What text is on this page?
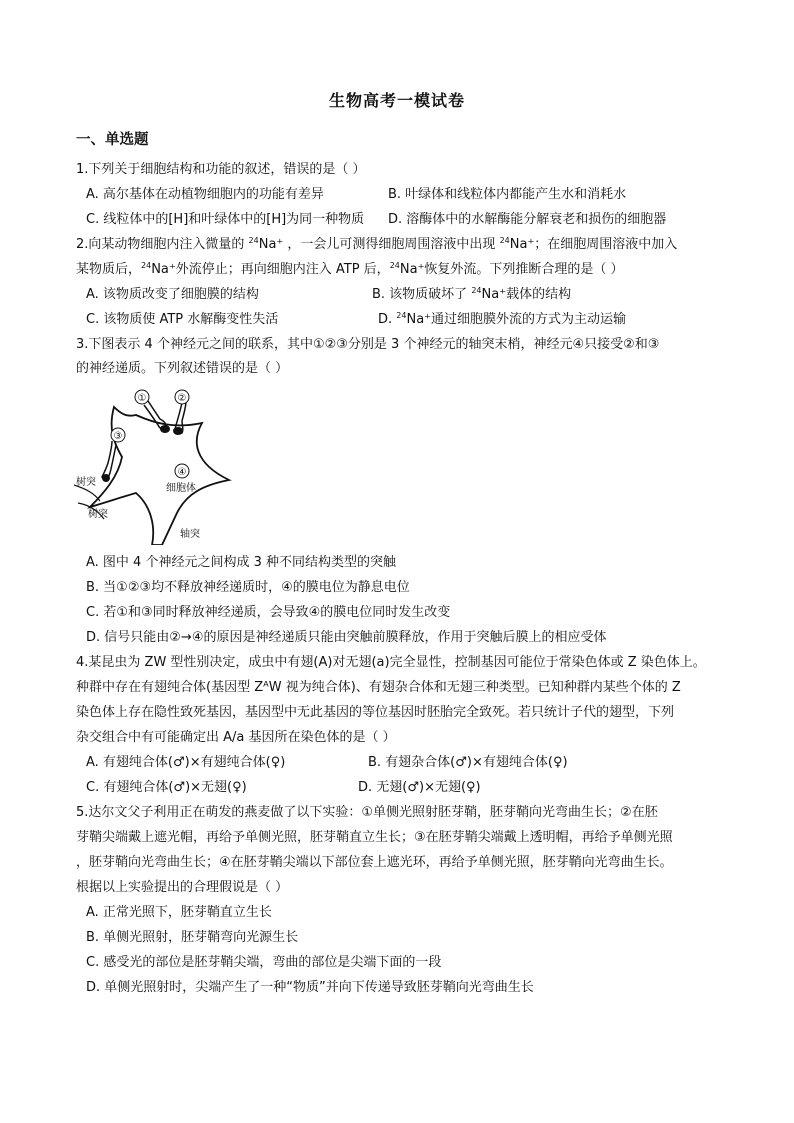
生物高考一模试卷
一、单选题
1.下列关于细胞结构和功能的叙述，错误的是（ ）
A. 高尔基体在动植物细胞内的功能有差异	B. 叶绿体和线粒体内都能产生水和消耗水
C. 线粒体中的[H]和叶绿体中的[H]为同一种物质 D. 溶酶体中的水解酶能分解衰老和损伤的细胞器
2.向某动物细胞内注入微量的 $^{24}$Na⁺ ，一会儿可测得细胞周围溶液中出现 $^{24}$Na⁺；在细胞周围溶液中加入
某物质后，$^{24}$Na⁺外流停止；再向细胞内注入 ATP 后，$^{24}$Na⁺恢复外流。下列推断合理的是（ ）
A. 该物质改变了细胞膜的结构	B. 该物质破坏了 $^{24}$Na⁺载体的结构
C. 该物质使 ATP 水解酶变性失活	D. $^{24}$Na⁺通过细胞膜外流的方式为主动运输
3.下图表示 4 个神经元之间的联系，其中①②③分别是 3 个神经元的轴突末梢，神经元④只接受②和③
的神经递质。下列叙述错误的是（ ）
①	②
③
④
细胞体
树突
树突
轴突
A. 图中 4 个神经元之间构成 3 种不同结构类型的突触
B. 当①②③均不释放神经递质时，④的膜电位为静息电位
C. 若①和③同时释放神经递质，会导致④的膜电位同时发生改变
D. 信号只能由②→④的原因是神经递质只能由突触前膜释放，作用于突触后膜上的相应受体
4.某昆虫为 ZW 型性别决定，成虫中有翅(A)对无翅(a)完全显性，控制基因可能位于常染色体或 Z 染色体上。
种群中存在有翅纯合体(基因型 ZᴬW 视为纯合体)、有翅杂合体和无翅三种类型。已知种群内某些个体的 Z
染色体上存在隐性致死基因，基因型中无此基因的等位基因时胚胎完全致死。若只统计子代的翅型，下列
杂交组合中有可能确定出 A/a 基因所在染色体的是（ ）
A. 有翅纯合体(♂)×有翅纯合体(♀)	B. 有翅杂合体(♂)×有翅纯合体(♀)
C. 有翅纯合体(♂)×无翅(♀)	D. 无翅(♂)×无翅(♀)
5.达尔文父子利用正在萌发的燕麦做了以下实验：①单侧光照射胚芽鞘，胚芽鞘向光弯曲生长；②在胚
芽鞘尖端戴上遮光帽，再给予单侧光照，胚芽鞘直立生长；③在胚芽鞘尖端戴上透明帽，再给予单侧光照
，胚芽鞘向光弯曲生长；④在胚芽鞘尖端以下部位套上遮光环，再给予单侧光照，胚芽鞘向光弯曲生长。
根据以上实验提出的合理假说是（ ）
A. 正常光照下，胚芽鞘直立生长
B. 单侧光照射，胚芽鞘弯向光源生长
C. 感受光的部位是胚芽鞘尖端，弯曲的部位是尖端下面的一段
D. 单侧光照射时，尖端产生了一种“物质”并向下传递导致胚芽鞘向光弯曲生长
